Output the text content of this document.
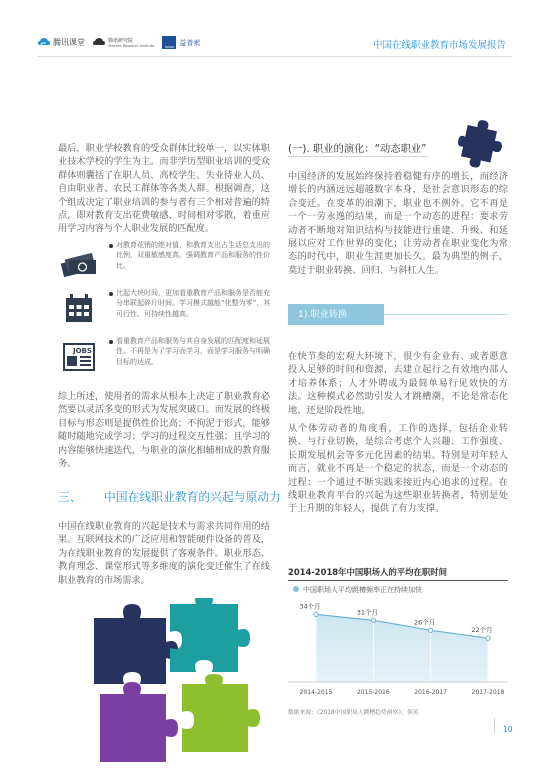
腾讯课堂	腾讯研究院
Tencent Research Institute	Ipsos
益普索	中国在线职业教育市场发展报告
最后，职业学校教育的受众群体比较单一，以实体职业技术学校的学生为主。而非学历型职业培训的受众群体则囊括了在职人员、高校学生、失业待业人员、自由职业者、农民工群体等各类人群。根据调查，这个组成决定了职业培训的参与者有三个相对普遍的特点，即对教育支出花费敏感、时间相对零散，着重应用学习内容与个人职业发展的匹配度。
对教育花销的绝对值，和教育支出占生活总支出的比例，双重敏感度高。强调教育产品和服务的性价比。
比起大块时间，更加看重教育产品和服务是否能充分串联起碎片时间。学习模式越能“化整为零”，其可行性、可持续性越高。
JOBS
看重教育产品和服务与其自身发展的匹配度和延展性。不再是为了学习而学习，而是学习服务与明确目标的达成。
综上所述，使用者的需求从根本上决定了职业教育必然要以灵活多变的形式为发展突破口。而发展的终极目标与形态则是提供性价比高；不拘泥于形式，能够随时随地完成学习；学习的过程交互性强；且学习的内容能够快速迭代，与职业的演化相辅相成的教育服务。
三、 中国在线职业教育的兴起与原动力
中国在线职业教育的兴起是技术与需求共同作用的结果。互联网技术的广泛应用和智能硬件设备的普及，为在线职业教育的发展提供了客观条件。职业形态、教育理念、课堂形式等多维度的演化变迁催生了在线职业教育的市场需求。
(一). 职业的演化：“动态职业”
中国经济的发展始终保持着稳健有序的增长，而经济增长的内涵远远超越数字本身，是社会意识形态的综合变迁。在变革的浪潮下，职业也不例外。它不再是一个一劳永逸的结果，而是一个动态的进程：要求劳动者不断地对知识结构与技能进行重建、升级、和延展以应对工作世界的变化；让劳动者在职业变化为常态的时代中，职业生涯更加长久。最为典型的例子，莫过于职业转换、回归、与斜杠人生。
1).职业转换
在快节奏的宏观大环境下，很少有企业有、或者愿意投入足够的时间和资源，去建立起行之有效地内部人才培养体系；人才外聘成为最简单易行见效快的方法。这种模式必然助引发人才跳槽潮，不论是常态化地、还是阶段性地。
从个体劳动者的角度看，工作的选择，包括企业转换、与行业切换，是综合考虑个人兴趣、工作强度、长期发展机会等多元化因素的结果。特别是对年轻人而言，就业不再是一个稳定的状态，而是一个动态的过程；一个通过不断实践来接近内心追求的过程。在线职业教育平台的兴起为这些职业转换者，特别是处于上升期的年轻人，提供了有力支撑。
2014-2018年中国职场人的平均在职时间
中国职场人平均跳槽频率正在持续加快
34个月
2014-2015
31个月
2015-2016
26个月
2016-2017
22个月
2017-2018
数据来源：《2018中国职场人跳槽趋势洞察》，领英
10
